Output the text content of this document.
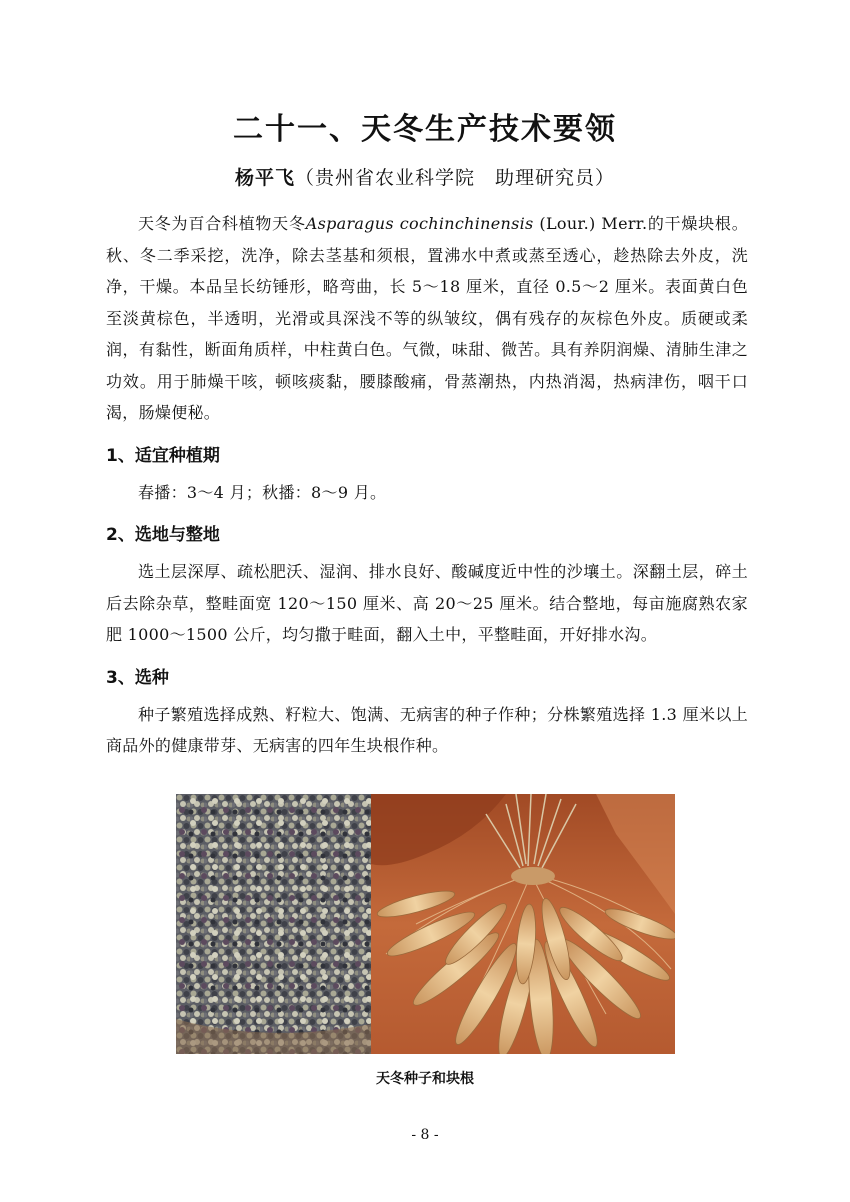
二十一、天冬生产技术要领
杨平飞（贵州省农业科学院　助理研究员）

天冬为百合科植物天冬Asparagus cochinchinensis (Lour.) Merr.的干燥块根。秋、冬二季采挖，洗净，除去茎基和须根，置沸水中煮或蒸至透心，趁热除去外皮，洗净，干燥。本品呈长纺锤形，略弯曲，长 5～18 厘米，直径 0.5～2 厘米。表面黄白色至淡黄棕色，半透明，光滑或具深浅不等的纵皱纹，偶有残存的灰棕色外皮。质硬或柔润，有黏性，断面角质样，中柱黄白色。气微，味甜、微苦。具有养阴润燥、清肺生津之功效。用于肺燥干咳，顿咳痰黏，腰膝酸痛，骨蒸潮热，内热消渴，热病津伤，咽干口渴，肠燥便秘。

1、适宜种植期

春播：3～4 月；秋播：8～9 月。

2、选地与整地

选土层深厚、疏松肥沃、湿润、排水良好、酸碱度近中性的沙壤土。深翻土层，碎土后去除杂草，整畦面宽 120～150 厘米、高 20～25 厘米。结合整地，每亩施腐熟农家肥 1000～1500 公斤，均匀撒于畦面，翻入土中，平整畦面，开好排水沟。

3、选种

种子繁殖选择成熟、籽粒大、饱满、无病害的种子作种；分株繁殖选择 1.3 厘米以上商品外的健康带芽、无病害的四年生块根作种。

天冬种子和块根
- 8 -
